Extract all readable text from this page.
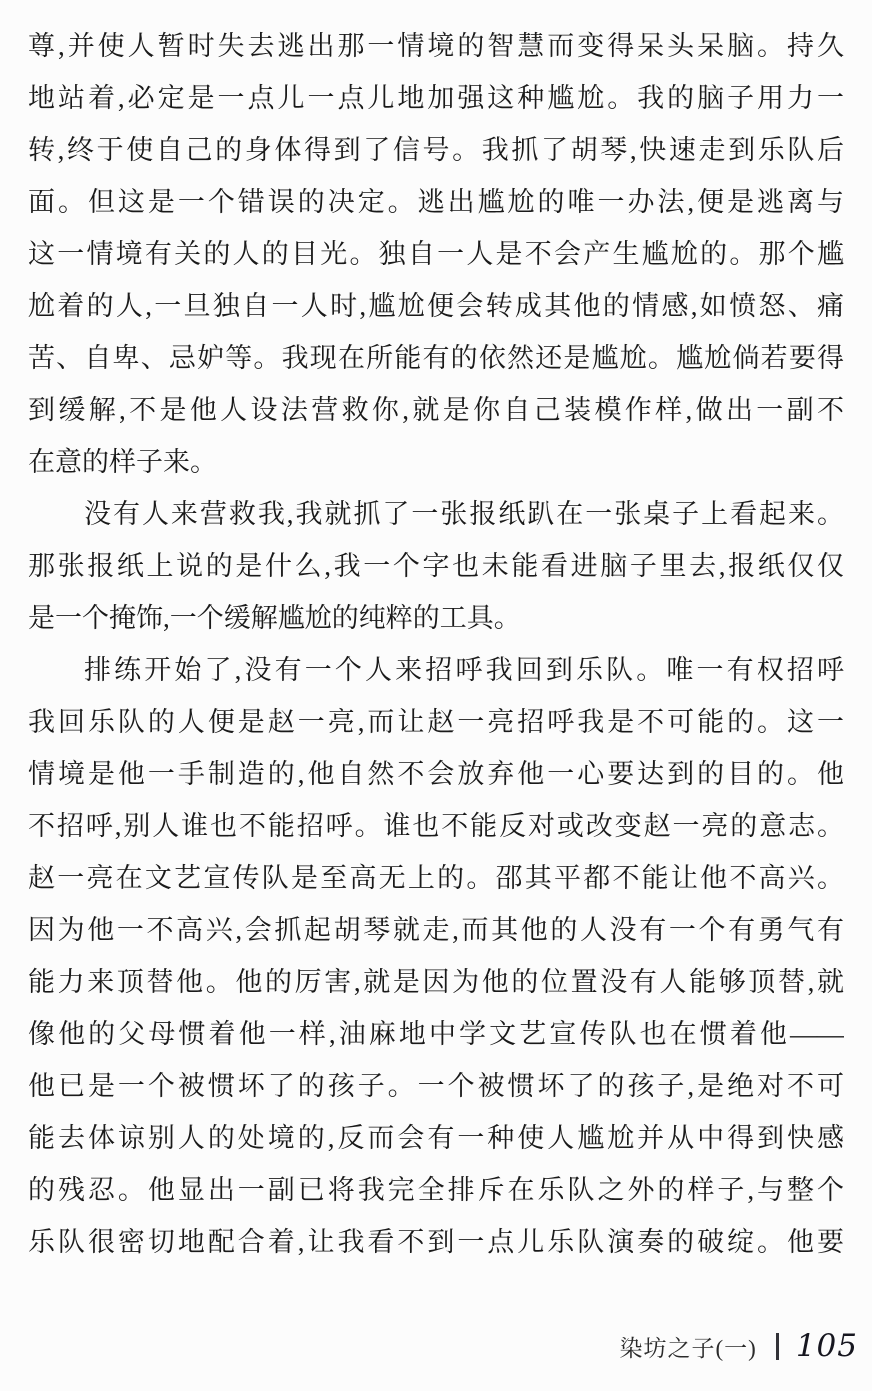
尊,并使人暂时失去逃出那一情境的智慧而变得呆头呆脑。持久
地站着,必定是一点儿一点儿地加强这种尴尬。我的脑子用力一
转,终于使自己的身体得到了信号。我抓了胡琴,快速走到乐队后
面。但这是一个错误的决定。逃出尴尬的唯一办法,便是逃离与
这一情境有关的人的目光。独自一人是不会产生尴尬的。那个尴
尬着的人,一旦独自一人时,尴尬便会转成其他的情感,如愤怒、痛
苦、自卑、忌妒等。我现在所能有的依然还是尴尬。尴尬倘若要得
到缓解,不是他人设法营救你,就是你自己装模作样,做出一副不
在意的样子来。
没有人来营救我,我就抓了一张报纸趴在一张桌子上看起来。
那张报纸上说的是什么,我一个字也未能看进脑子里去,报纸仅仅
是一个掩饰,一个缓解尴尬的纯粹的工具。
排练开始了,没有一个人来招呼我回到乐队。唯一有权招呼
我回乐队的人便是赵一亮,而让赵一亮招呼我是不可能的。这一
情境是他一手制造的,他自然不会放弃他一心要达到的目的。他
不招呼,别人谁也不能招呼。谁也不能反对或改变赵一亮的意志。
赵一亮在文艺宣传队是至高无上的。邵其平都不能让他不高兴。
因为他一不高兴,会抓起胡琴就走,而其他的人没有一个有勇气有
能力来顶替他。他的厉害,就是因为他的位置没有人能够顶替,就
像他的父母惯着他一样,油麻地中学文艺宣传队也在惯着他——
他已是一个被惯坏了的孩子。一个被惯坏了的孩子,是绝对不可
能去体谅别人的处境的,反而会有一种使人尴尬并从中得到快感
的残忍。他显出一副已将我完全排斥在乐队之外的样子,与整个
乐队很密切地配合着,让我看不到一点儿乐队演奏的破绽。他要
染坊之子(一) 105
